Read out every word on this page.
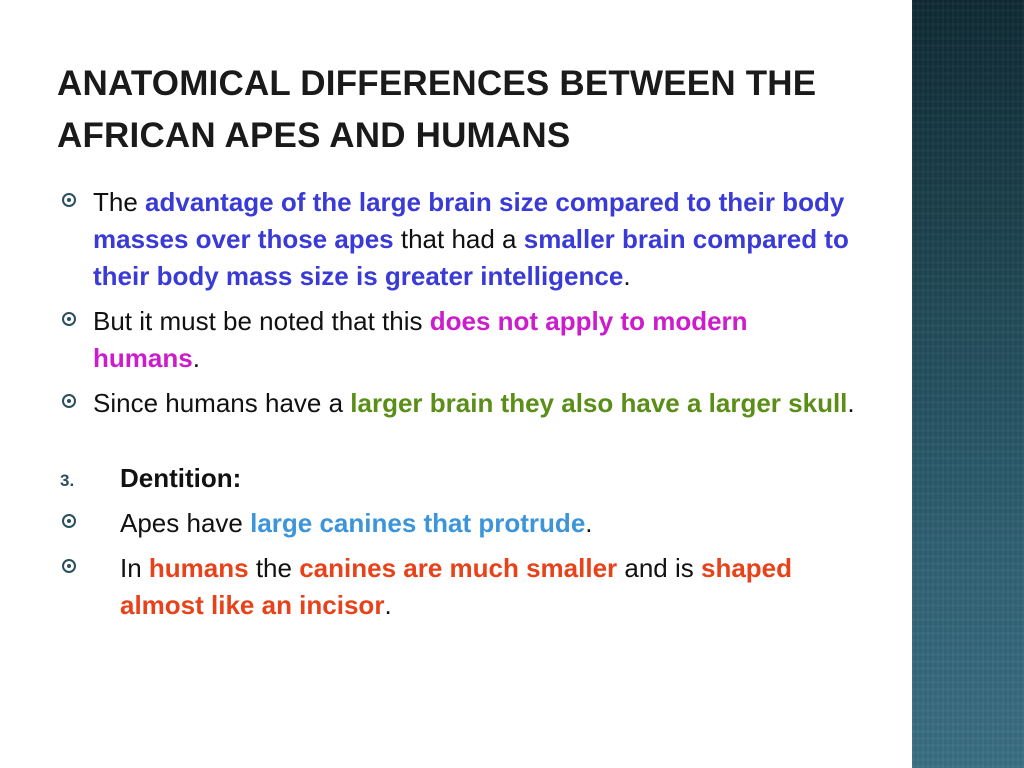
ANATOMICAL DIFFERENCES BETWEEN THE AFRICAN APES AND HUMANS
The advantage of the large brain size compared to their body masses over those apes that had a smaller brain compared to their body mass size is greater intelligence.
But it must be noted that this does not apply to modern humans.
Since humans have a larger brain they also have a larger skull.
3. Dentition:
Apes have large canines that protrude.
In humans the canines are much smaller and is shaped almost like an incisor.
